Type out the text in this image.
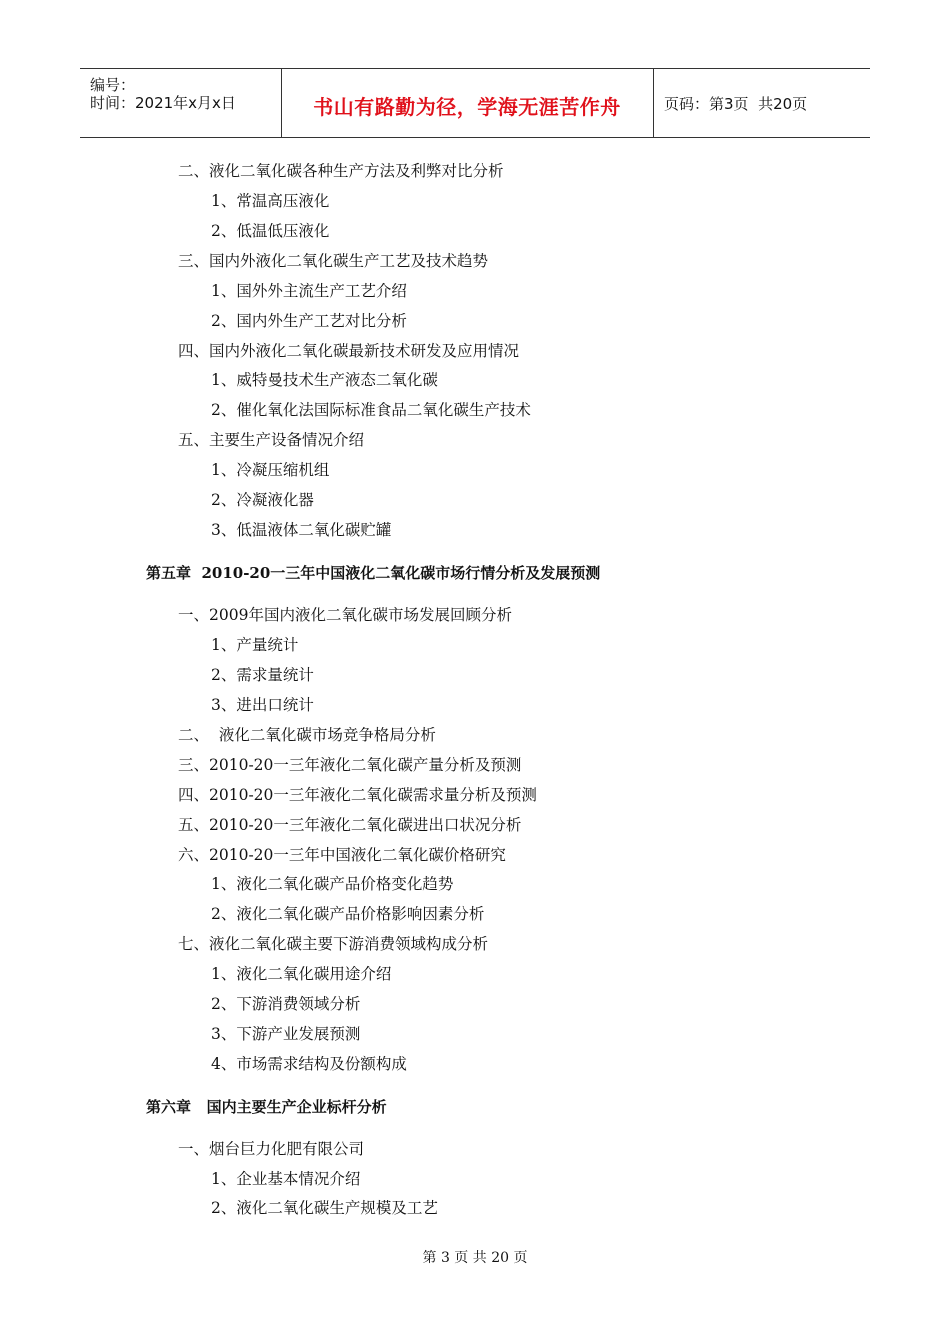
编号：
时间：2021年x月x日	书山有路勤为径，学海无涯苦作舟	页码：第3页  共20页
二、液化二氧化碳各种生产方法及利弊对比分析
1、常温高压液化
2、低温低压液化
三、国内外液化二氧化碳生产工艺及技术趋势
1、国外外主流生产工艺介绍
2、国内外生产工艺对比分析
四、国内外液化二氧化碳最新技术研发及应用情况
1、威特曼技术生产液态二氧化碳
2、催化氧化法国际标准食品二氧化碳生产技术
五、主要生产设备情况介绍
1、冷凝压缩机组
2、冷凝液化器
3、低温液体二氧化碳贮罐
第五章  2010-20一三年中国液化二氧化碳市场行情分析及发展预测
一、2009年国内液化二氧化碳市场发展回顾分析
1、产量统计
2、需求量统计
3、进出口统计
二、  液化二氧化碳市场竞争格局分析
三、2010-20一三年液化二氧化碳产量分析及预测
四、2010-20一三年液化二氧化碳需求量分析及预测
五、2010-20一三年液化二氧化碳进出口状况分析
六、2010-20一三年中国液化二氧化碳价格研究
1、液化二氧化碳产品价格变化趋势
2、液化二氧化碳产品价格影响因素分析
七、液化二氧化碳主要下游消费领域构成分析
1、液化二氧化碳用途介绍
2、下游消费领域分析
3、下游产业发展预测
4、市场需求结构及份额构成
第六章   国内主要生产企业标杆分析
一、烟台巨力化肥有限公司
1、企业基本情况介绍
2、液化二氧化碳生产规模及工艺
第 3 页 共 20 页
